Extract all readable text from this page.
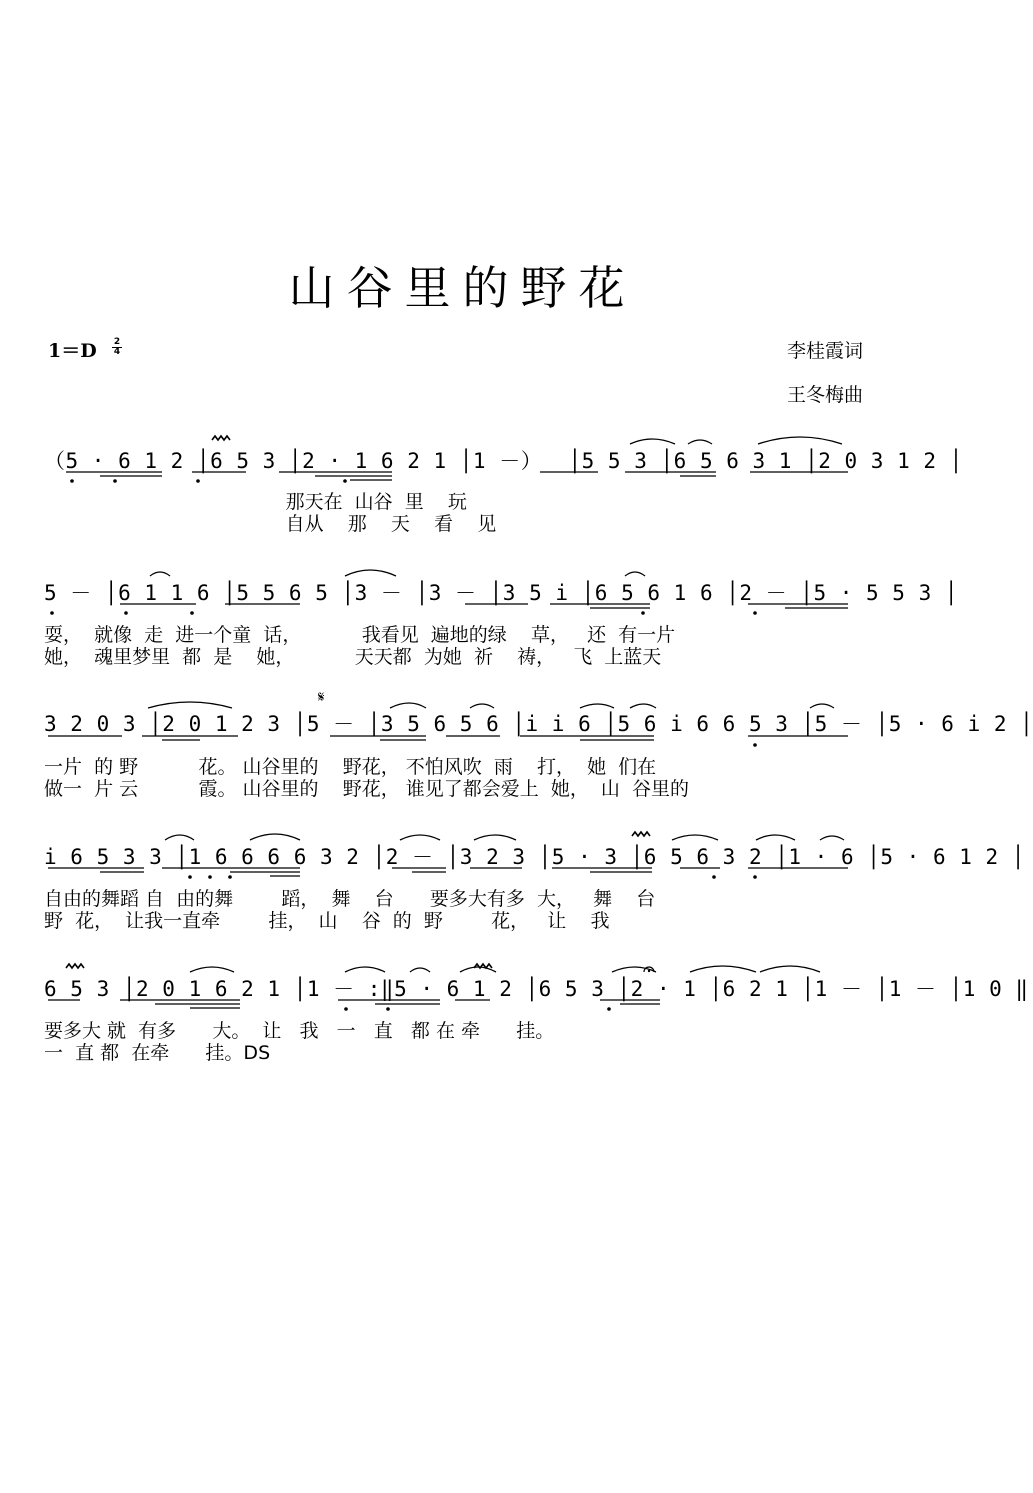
山谷里的野花
1＝D	2
4	李桂霞词
王冬梅曲
（5 · 6 1 2 │6 5 3 │2 · 1 6 2 1 │1 －）  │5 5 3 │6 5 6 3 1 │2 0 3 1 2 │
那天在  山谷  里    玩
自从    那    天    看    见
5 － │6 1 1 6 │5 5 6 5 │3 － │3 － │3 5 i │6 5 6 1 6 │2 － │5 · 5 5 3 │
耍，  就像  走  进一个童  话，          我看见  遍地的绿    草，   还  有一片
她，  魂里梦里  都  是    她，          天天都  为她  祈    祷，   飞  上蓝天
3 2 0 3 │2 0 1 2 3 │5 － │3 5 6 5 6 │i i 6 │5 6 i 6 6 5 3 │5 － │5 · 6 i 2 │
一片  的 野          花。 山谷里的    野花， 不怕风吹  雨    打，  她  们在
做一  片 云          霞。 山谷里的    野花， 谁见了都会爱上  她，  山  谷里的
i 6 5 3 3 │1 6 6 6 6 3 2 │2 － │3 2 3 │5 · 3 │6 5 6 3 2 │1 · 6 │5 · 6 1 2 │
自由的舞蹈 自  由的舞        蹈，  舞    台      要多大有多  大，   舞    台
野  花，  让我一直牵        挂，  山    谷  的  野        花，   让    我
6 5 3 │2 0 1 6 2 1 │1 － :‖5 · 6 1 2 │6 5 3 │2 · 1 │6 2 1 │1 － │1 － │1 0 ‖
要多大 就  有多      大。  让   我   一   直   都 在 牵      挂。
一  直 都  在牵      挂。DS
𝄋
